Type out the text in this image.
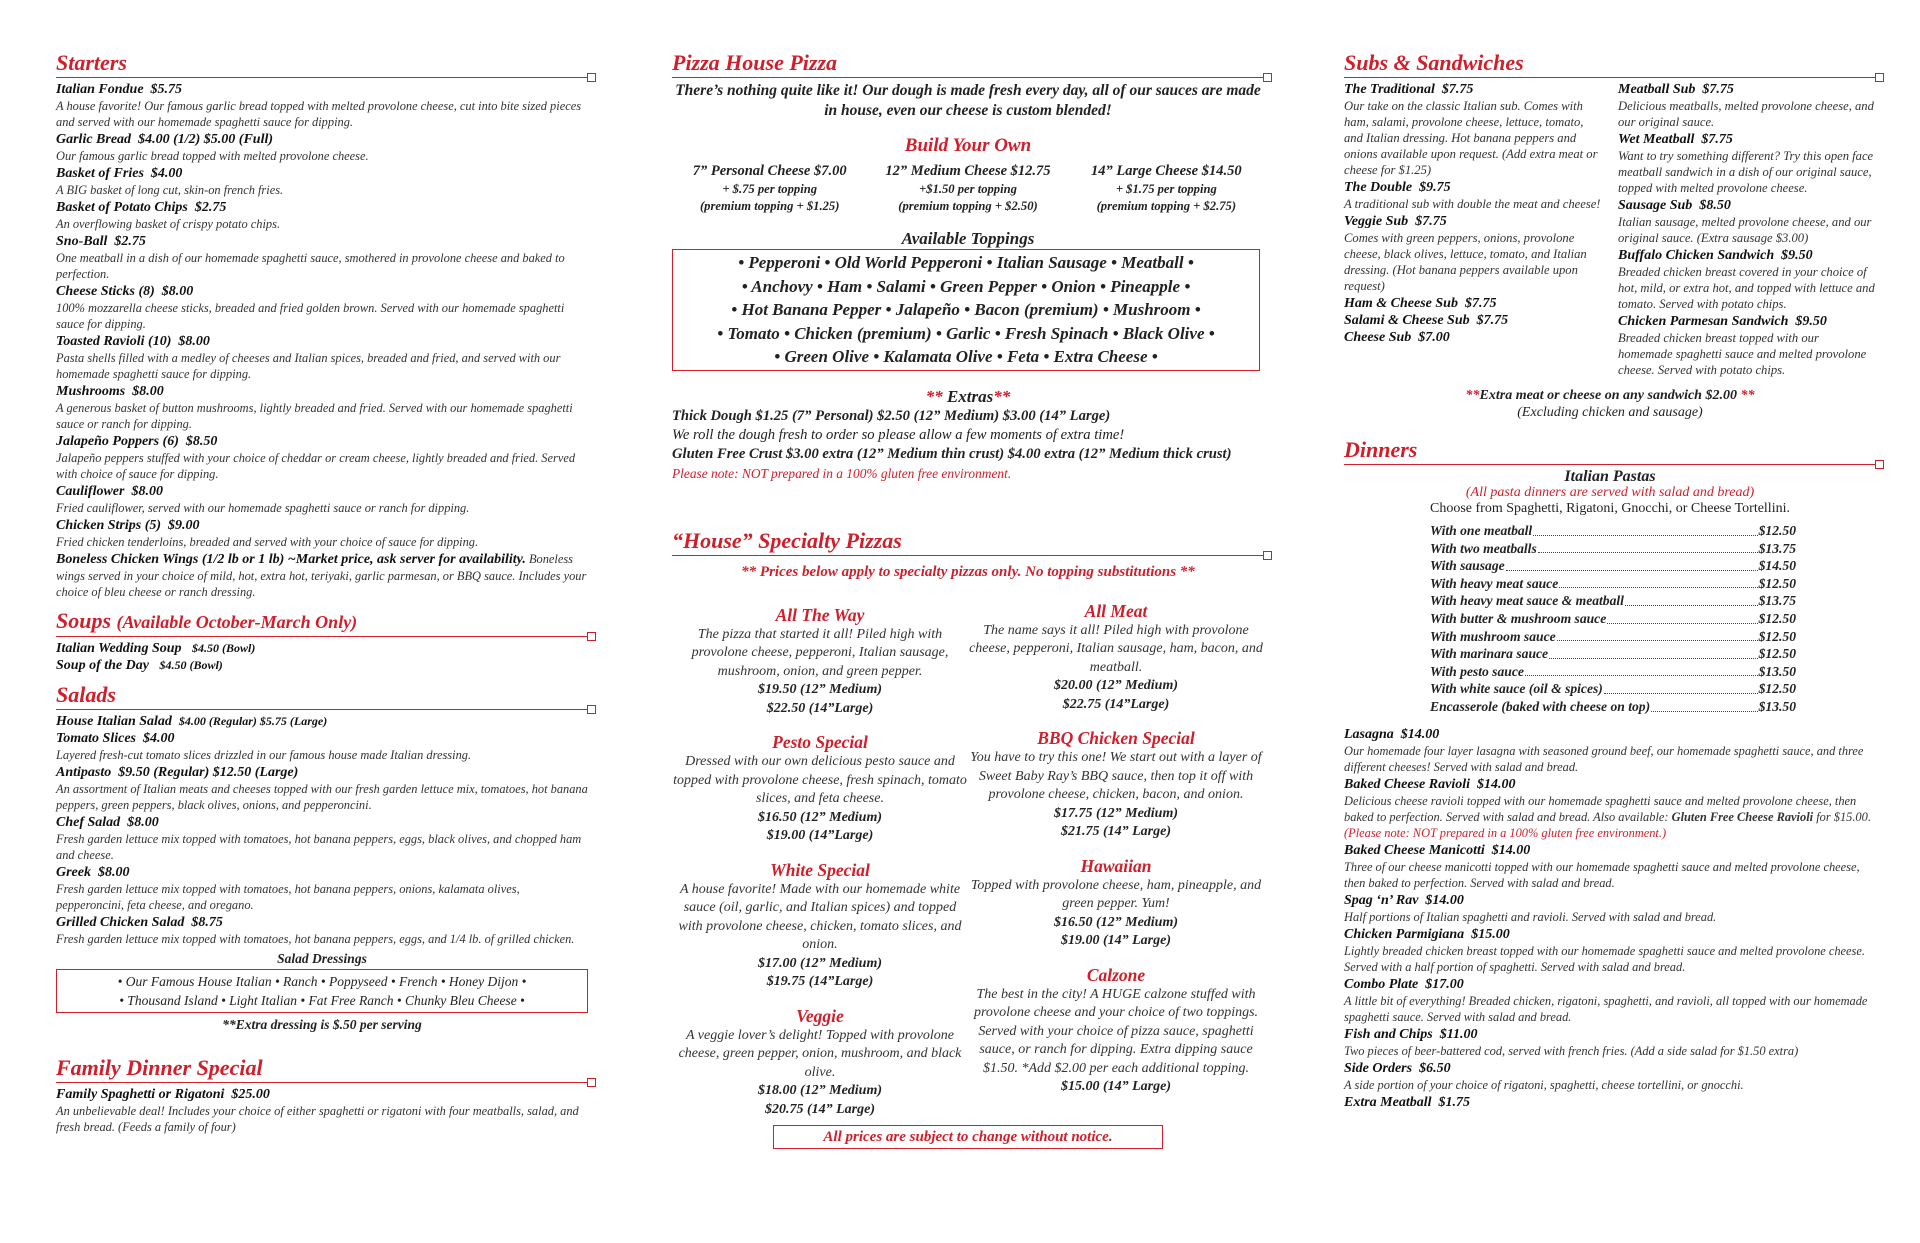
Starters
Italian Fondue $5.75
A house favorite! Our famous garlic bread topped with melted provolone cheese, cut into bite sized pieces and served with our homemade spaghetti sauce for dipping.
Garlic Bread $4.00 (1/2) $5.00 (Full)
Our famous garlic bread topped with melted provolone cheese.
Basket of Fries $4.00
A BIG basket of long cut, skin-on french fries.
Basket of Potato Chips $2.75
An overflowing basket of crispy potato chips.
Sno-Ball $2.75
One meatball in a dish of our homemade spaghetti sauce, smothered in provolone cheese and baked to perfection.
Cheese Sticks (8) $8.00
100% mozzarella cheese sticks, breaded and fried golden brown. Served with our homemade spaghetti sauce for dipping.
Toasted Ravioli (10) $8.00
Pasta shells filled with a medley of cheeses and Italian spices, breaded and fried, and served with our homemade spaghetti sauce for dipping.
Mushrooms $8.00
A generous basket of button mushrooms, lightly breaded and fried. Served with our homemade spaghetti sauce or ranch for dipping.
Jalapeño Poppers (6) $8.50
Jalapeño peppers stuffed with your choice of cheddar or cream cheese, lightly breaded and fried. Served with choice of sauce for dipping.
Cauliflower $8.00
Fried cauliflower, served with our homemade spaghetti sauce or ranch for dipping.
Chicken Strips (5) $9.00
Fried chicken tenderloins, breaded and served with your choice of sauce for dipping.
Boneless Chicken Wings (1/2 lb or 1 lb) ~Market price, ask server for availability. Boneless wings served in your choice of mild, hot, extra hot, teriyaki, garlic parmesan, or BBQ sauce. Includes your choice of bleu cheese or ranch dressing.
Soups (Available October-March Only)
Italian Wedding Soup $4.50 (Bowl)
Soup of the Day $4.50 (Bowl)
Salads
House Italian Salad $4.00 (Regular) $5.75 (Large)
Tomato Slices $4.00
Layered fresh-cut tomato slices drizzled in our famous house made Italian dressing.
Antipasto $9.50 (Regular) $12.50 (Large)
An assortment of Italian meats and cheeses topped with our fresh garden lettuce mix, tomatoes, hot banana peppers, green peppers, black olives, onions, and pepperoncini.
Chef Salad $8.00
Fresh garden lettuce mix topped with tomatoes, hot banana peppers, eggs, black olives, and chopped ham and cheese.
Greek $8.00
Fresh garden lettuce mix topped with tomatoes, hot banana peppers, onions, kalamata olives, pepperoncini, feta cheese, and oregano.
Grilled Chicken Salad $8.75
Fresh garden lettuce mix topped with tomatoes, hot banana peppers, eggs, and 1/4 lb. of grilled chicken.
Salad Dressings
• Our Famous House Italian • Ranch • Poppyseed • French • Honey Dijon •
• Thousand Island • Light Italian • Fat Free Ranch • Chunky Bleu Cheese •
**Extra dressing is $.50 per serving
Family Dinner Special
Family Spaghetti or Rigatoni $25.00
An unbelievable deal! Includes your choice of either spaghetti or rigatoni with four meatballs, salad, and fresh bread. (Feeds a family of four)
Pizza House Pizza
There’s nothing quite like it! Our dough is made fresh every day, all of our sauces are made in house, even our cheese is custom blended!
Build Your Own
7” Personal Cheese $7.00
+ $.75 per topping
(premium topping + $1.25)
12” Medium Cheese $12.75
+$1.50 per topping
(premium topping + $2.50)
14” Large Cheese $14.50
+ $1.75 per topping
(premium topping + $2.75)
Available Toppings
• Pepperoni • Old World Pepperoni • Italian Sausage • Meatball •
• Anchovy • Ham • Salami • Green Pepper • Onion • Pineapple •
• Hot Banana Pepper • Jalapeño • Bacon (premium) • Mushroom •
• Tomato • Chicken (premium) • Garlic • Fresh Spinach • Black Olive •
• Green Olive • Kalamata Olive • Feta • Extra Cheese •
** Extras**
Thick Dough $1.25 (7” Personal) $2.50 (12” Medium) $3.00 (14” Large)
We roll the dough fresh to order so please allow a few moments of extra time!
Gluten Free Crust $3.00 extra (12” Medium thin crust) $4.00 extra (12” Medium thick crust) Please note: NOT prepared in a 100% gluten free environment.
“House” Specialty Pizzas
** Prices below apply to specialty pizzas only. No topping substitutions **
All The Way
The pizza that started it all! Piled high with provolone cheese, pepperoni, Italian sausage, mushroom, onion, and green pepper.
$19.50 (12” Medium)
$22.50 (14”Large)
Pesto Special
Dressed with our own delicious pesto sauce and topped with provolone cheese, fresh spinach, tomato slices, and feta cheese.
$16.50 (12” Medium)
$19.00 (14”Large)
White Special
A house favorite! Made with our homemade white sauce (oil, garlic, and Italian spices) and topped with provolone cheese, chicken, tomato slices, and onion.
$17.00 (12” Medium)
$19.75 (14”Large)
Veggie
A veggie lover’s delight! Topped with provolone cheese, green pepper, onion, mushroom, and black olive.
$18.00 (12” Medium)
$20.75 (14” Large)
All Meat
The name says it all! Piled high with provolone cheese, pepperoni, Italian sausage, ham, bacon, and meatball.
$20.00 (12” Medium)
$22.75 (14”Large)
BBQ Chicken Special
You have to try this one! We start out with a layer of Sweet Baby Ray’s BBQ sauce, then top it off with provolone cheese, chicken, bacon, and onion.
$17.75 (12” Medium)
$21.75 (14” Large)
Hawaiian
Topped with provolone cheese, ham, pineapple, and green pepper. Yum!
$16.50 (12” Medium)
$19.00 (14” Large)
Calzone
The best in the city! A HUGE calzone stuffed with provolone cheese and your choice of two toppings. Served with your choice of pizza sauce, spaghetti sauce, or ranch for dipping. Extra dipping sauce $1.50. *Add $2.00 per each additional topping.
$15.00 (14” Large)
All prices are subject to change without notice.
Subs & Sandwiches
The Traditional $7.75
Our take on the classic Italian sub. Comes with ham, salami, provolone cheese, lettuce, tomato, and Italian dressing. Hot banana peppers and onions available upon request. (Add extra meat or cheese for $1.25)
The Double $9.75
A traditional sub with double the meat and cheese!
Veggie Sub $7.75
Comes with green peppers, onions, provolone cheese, black olives, lettuce, tomato, and Italian dressing. (Hot banana peppers available upon request)
Ham & Cheese Sub $7.75
Salami & Cheese Sub $7.75
Cheese Sub $7.00
Meatball Sub $7.75
Delicious meatballs, melted provolone cheese, and our original sauce.
Wet Meatball $7.75
Want to try something different? Try this open face meatball sandwich in a dish of our original sauce, topped with melted provolone cheese.
Sausage Sub $8.50
Italian sausage, melted provolone cheese, and our original sauce. (Extra sausage $3.00)
Buffalo Chicken Sandwich $9.50
Breaded chicken breast covered in your choice of hot, mild, or extra hot, and topped with lettuce and tomato. Served with potato chips.
Chicken Parmesan Sandwich $9.50
Breaded chicken breast topped with our homemade spaghetti sauce and melted provolone cheese. Served with potato chips.
**Extra meat or cheese on any sandwich $2.00 **
(Excluding chicken and sausage)
Dinners
Italian Pastas
(All pasta dinners are served with salad and bread)
Choose from Spaghetti, Rigatoni, Gnocchi, or Cheese Tortellini.
With one meatball	$12.50
With two meatballs	$13.75
With sausage	$14.50
With heavy meat sauce	$12.50
With heavy meat sauce & meatball	$13.75
With butter & mushroom sauce	$12.50
With mushroom sauce	$12.50
With marinara sauce	$12.50
With pesto sauce	$13.50
With white sauce (oil & spices)	$12.50
Encasserole (baked with cheese on top)	$13.50
Lasagna $14.00
Our homemade four layer lasagna with seasoned ground beef, our homemade spaghetti sauce, and three different cheeses! Served with salad and bread.
Baked Cheese Ravioli $14.00
Delicious cheese ravioli topped with our homemade spaghetti sauce and melted provolone cheese, then baked to perfection. Served with salad and bread. Also available: Gluten Free Cheese Ravioli for $15.00. (Please note: NOT prepared in a 100% gluten free environment.)
Baked Cheese Manicotti $14.00
Three of our cheese manicotti topped with our homemade spaghetti sauce and melted provolone cheese, then baked to perfection. Served with salad and bread.
Spag ‘n’ Rav $14.00
Half portions of Italian spaghetti and ravioli. Served with salad and bread.
Chicken Parmigiana $15.00
Lightly breaded chicken breast topped with our homemade spaghetti sauce and melted provolone cheese. Served with a half portion of spaghetti. Served with salad and bread.
Combo Plate $17.00
A little bit of everything! Breaded chicken, rigatoni, spaghetti, and ravioli, all topped with our homemade spaghetti sauce. Served with salad and bread.
Fish and Chips $11.00
Two pieces of beer-battered cod, served with french fries. (Add a side salad for $1.50 extra)
Side Orders $6.50
A side portion of your choice of rigatoni, spaghetti, cheese tortellini, or gnocchi.
Extra Meatball $1.75
